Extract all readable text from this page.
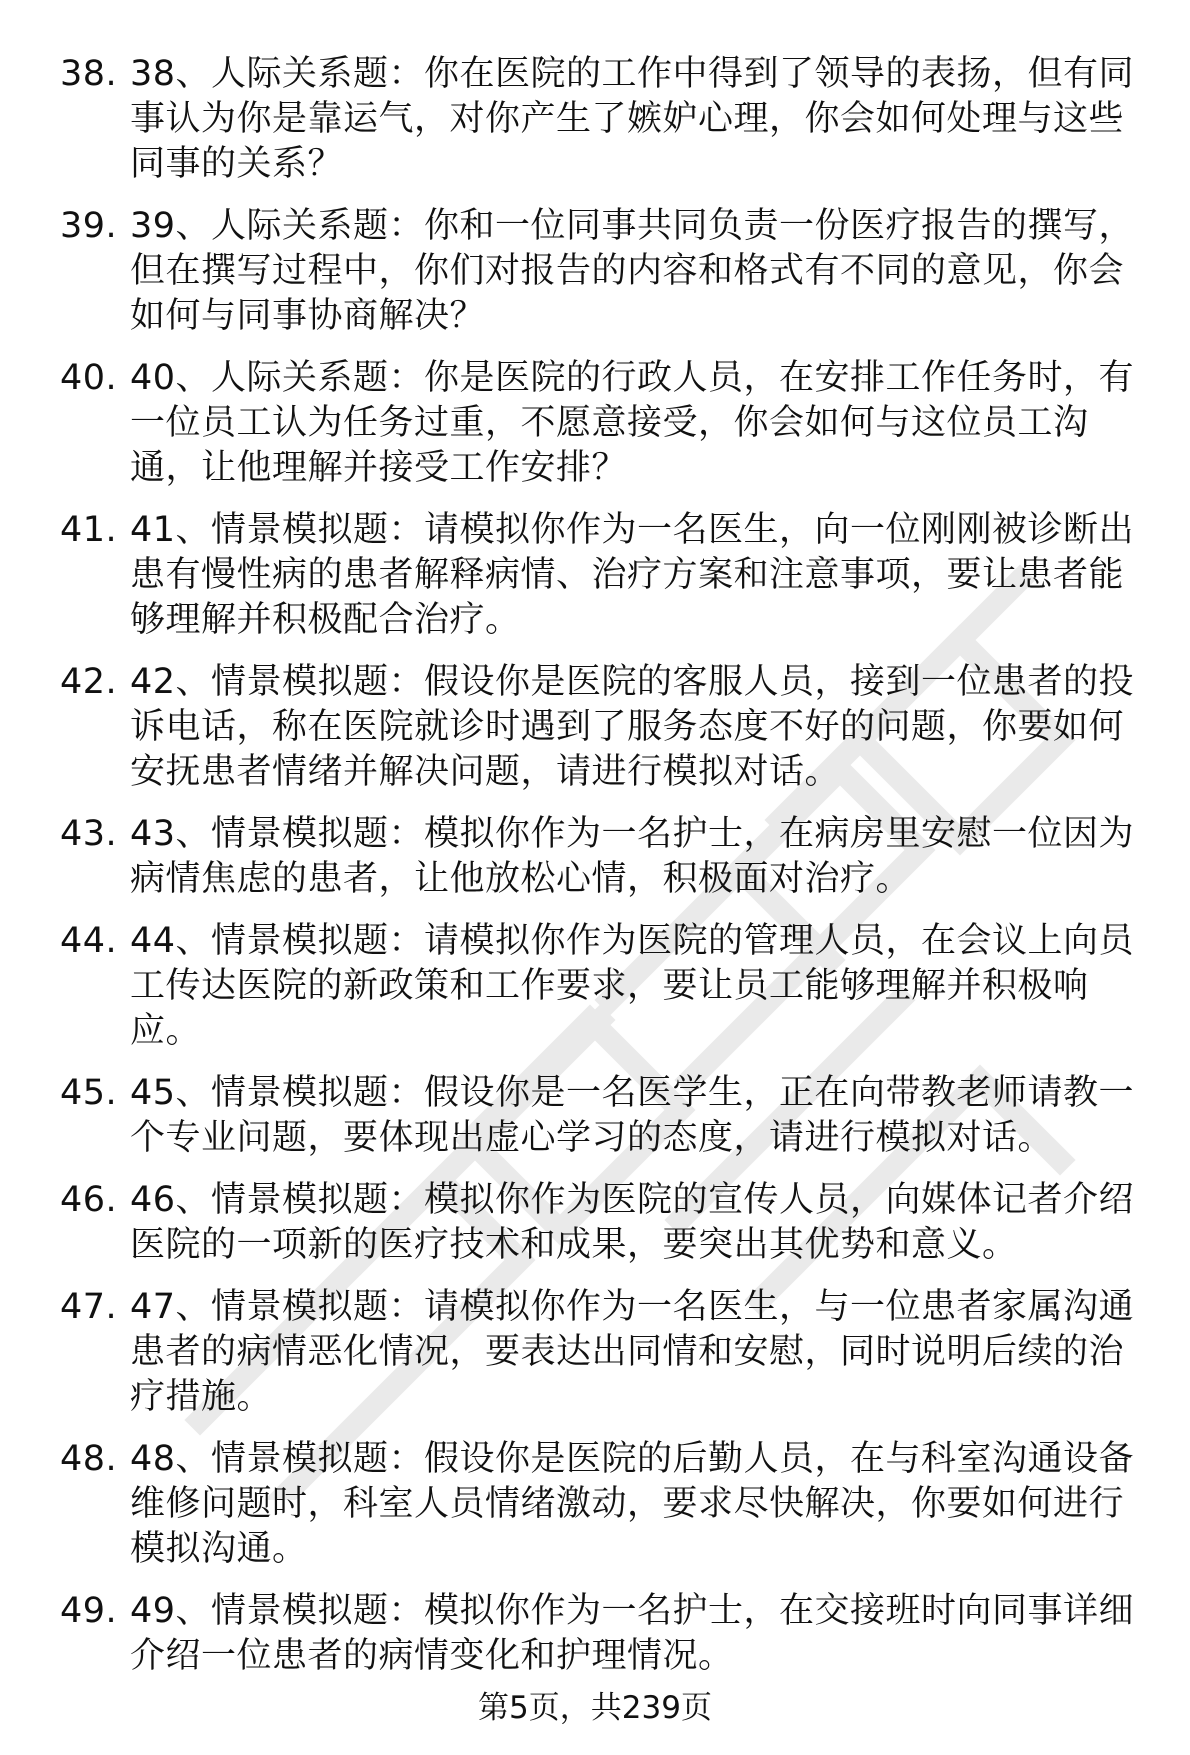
38. 38、人际关系题：你在医院的工作中得到了领导的表扬，但有同事认为你是靠运气，对你产生了嫉妒心理，你会如何处理与这些同事的关系？
39. 39、人际关系题：你和一位同事共同负责一份医疗报告的撰写，但在撰写过程中，你们对报告的内容和格式有不同的意见，你会如何与同事协商解决？
40. 40、人际关系题：你是医院的行政人员，在安排工作任务时，有一位员工认为任务过重，不愿意接受，你会如何与这位员工沟通，让他理解并接受工作安排？
41. 41、情景模拟题：请模拟你作为一名医生，向一位刚刚被诊断出患有慢性病的患者解释病情、治疗方案和注意事项，要让患者能够理解并积极配合治疗。
42. 42、情景模拟题：假设你是医院的客服人员，接到一位患者的投诉电话，称在医院就诊时遇到了服务态度不好的问题，你要如何安抚患者情绪并解决问题，请进行模拟对话。
43. 43、情景模拟题：模拟你作为一名护士，在病房里安慰一位因为病情焦虑的患者，让他放松心情，积极面对治疗。
44. 44、情景模拟题：请模拟你作为医院的管理人员，在会议上向员工传达医院的新政策和工作要求，要让员工能够理解并积极响应。
45. 45、情景模拟题：假设你是一名医学生，正在向带教老师请教一个专业问题，要体现出虚心学习的态度，请进行模拟对话。
46. 46、情景模拟题：模拟你作为医院的宣传人员，向媒体记者介绍医院的一项新的医疗技术和成果，要突出其优势和意义。
47. 47、情景模拟题：请模拟你作为一名医生，与一位患者家属沟通患者的病情恶化情况，要表达出同情和安慰，同时说明后续的治疗措施。
48. 48、情景模拟题：假设你是医院的后勤人员，在与科室沟通设备维修问题时，科室人员情绪激动，要求尽快解决，你要如何进行模拟沟通。
49. 49、情景模拟题：模拟你作为一名护士，在交接班时向同事详细介绍一位患者的病情变化和护理情况。
第5页，共239页
